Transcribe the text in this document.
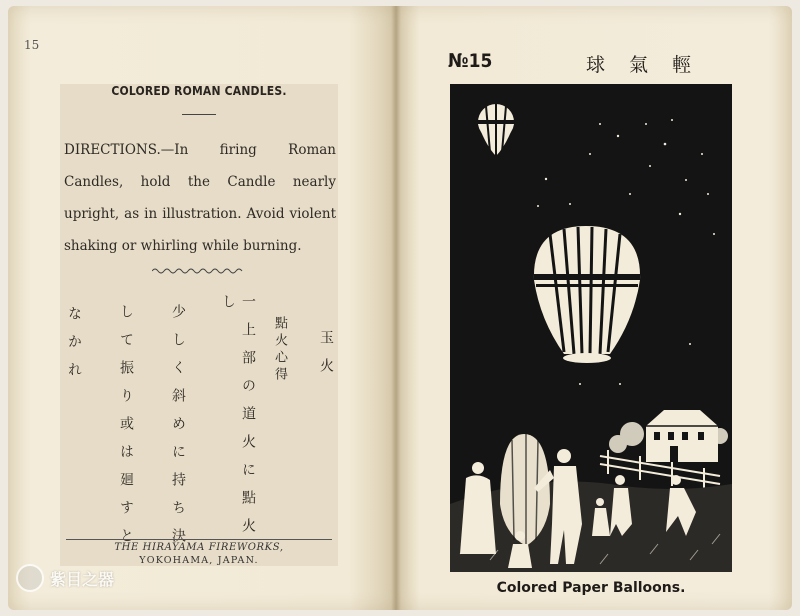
15
COLORED ROMAN CANDLES.
DIRECTIONS.—In firing Roman Candles, hold the Candle nearly upright, as in illustration. Avoid violent shaking or whirling while burning.
玉火
點火心得
一上部の道火に點火し
少しく斜めに持ち決
して振り或は廻すと
なかれ
THE HIRAYAMA FIREWORKS,
YOKOHAMA, JAPAN.
№15	球氣輕
Colored Paper Balloons.
紫目之器
